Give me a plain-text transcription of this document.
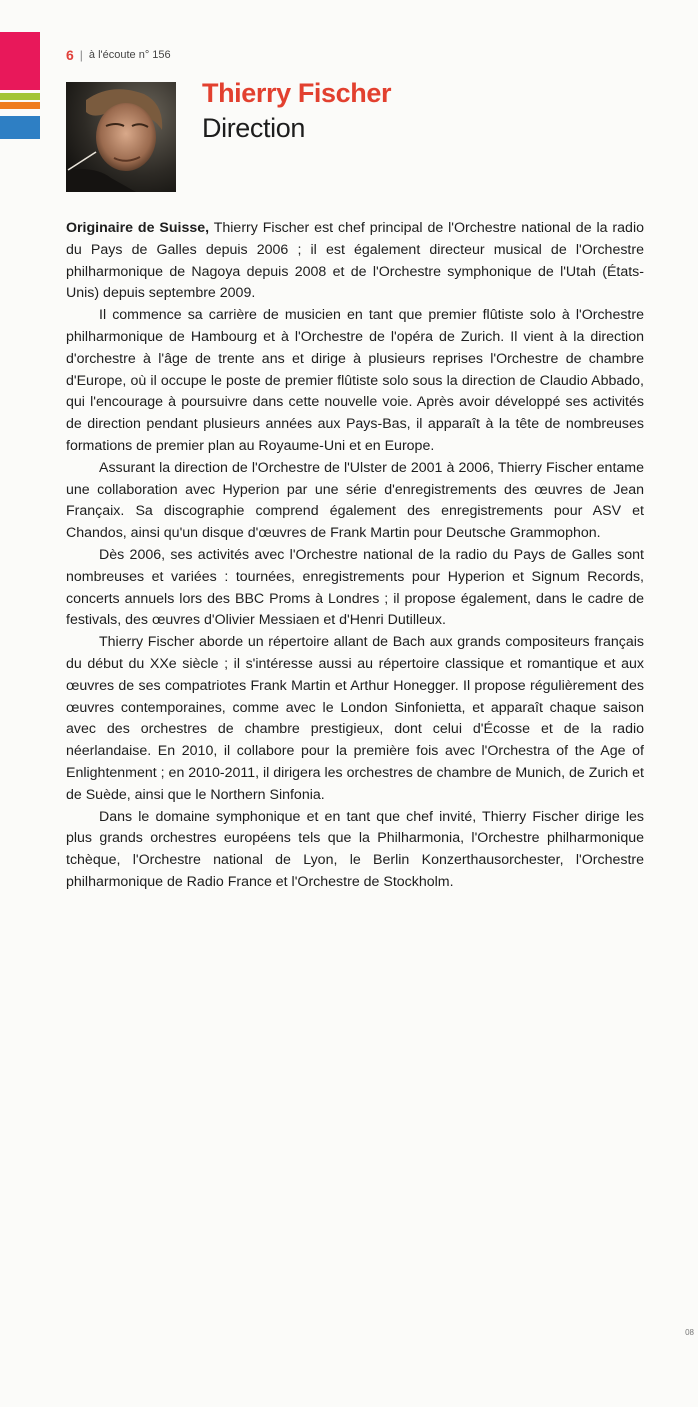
6 | à l'écoute n° 156
Thierry Fischer
Direction

Originaire de Suisse, Thierry Fischer est chef principal de l'Orchestre national de la radio du Pays de Galles depuis 2006 ; il est également directeur musical de l'Orchestre philharmonique de Nagoya depuis 2008 et de l'Orchestre symphonique de l'Utah (États-Unis) depuis septembre 2009.

Il commence sa carrière de musicien en tant que premier flûtiste solo à l'Orchestre philharmonique de Hambourg et à l'Orchestre de l'opéra de Zurich. Il vient à la direction d'orchestre à l'âge de trente ans et dirige à plusieurs reprises l'Orchestre de chambre d'Europe, où il occupe le poste de premier flûtiste solo sous la direction de Claudio Abbado, qui l'encourage à poursuivre dans cette nouvelle voie. Après avoir développé ses activités de direction pendant plusieurs années aux Pays-Bas, il apparaît à la tête de nombreuses formations de premier plan au Royaume-Uni et en Europe.

Assurant la direction de l'Orchestre de l'Ulster de 2001 à 2006, Thierry Fischer entame une collaboration avec Hyperion par une série d'enregistrements des œuvres de Jean Françaix. Sa discographie comprend également des enregistrements pour ASV et Chandos, ainsi qu'un disque d'œuvres de Frank Martin pour Deutsche Grammophon.

Dès 2006, ses activités avec l'Orchestre national de la radio du Pays de Galles sont nombreuses et variées : tournées, enregistrements pour Hyperion et Signum Records, concerts annuels lors des BBC Proms à Londres ; il propose également, dans le cadre de festivals, des œuvres d'Olivier Messiaen et d'Henri Dutilleux.

Thierry Fischer aborde un répertoire allant de Bach aux grands compositeurs français du début du XXe siècle ; il s'intéresse aussi au répertoire classique et romantique et aux œuvres de ses compatriotes Frank Martin et Arthur Honegger. Il propose régulièrement des œuvres contemporaines, comme avec le London Sinfonietta, et apparaît chaque saison avec des orchestres de chambre prestigieux, dont celui d'Écosse et de la radio néerlandaise. En 2010, il collabore pour la première fois avec l'Orchestra of the Age of Enlightenment ; en 2010-2011, il dirigera les orchestres de chambre de Munich, de Zurich et de Suède, ainsi que le Northern Sinfonia.

Dans le domaine symphonique et en tant que chef invité, Thierry Fischer dirige les plus grands orchestres européens tels que la Philharmonia, l'Orchestre philharmonique tchèque, l'Orchestre national de Lyon, le Berlin Konzerthausorchester, l'Orchestre philharmonique de Radio France et l'Orchestre de Stockholm.

08
